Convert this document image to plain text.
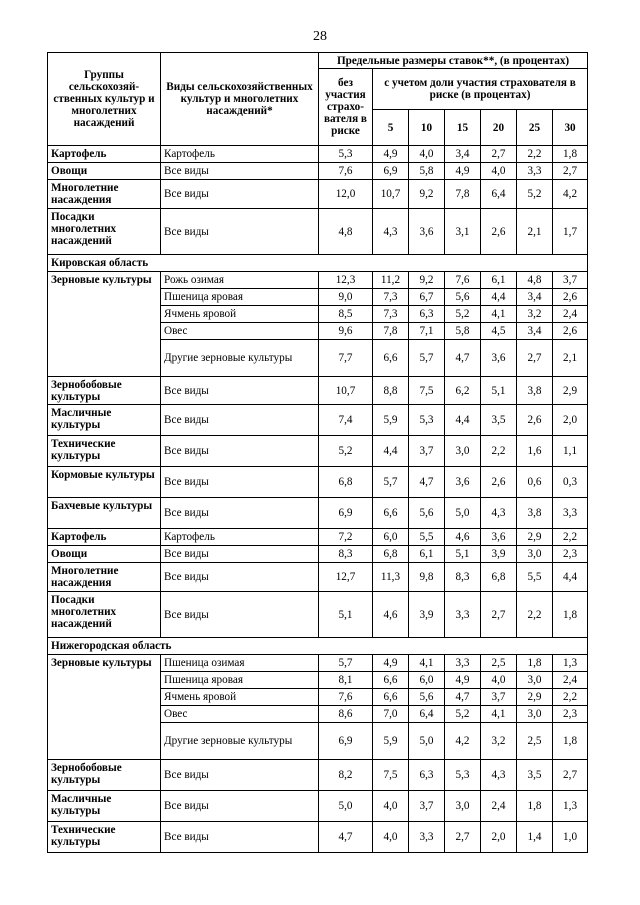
28
Группы сельскохозяй-ственных культур и многолетних насаждений	Виды сельскохозяйственных культур и многолетних насаждений*	Предельные размеры ставок**, (в процентах)						
		без участия страхо-вателя в риске	с учетом доли участия страхователя в риске (в процентах)					
			5	10	15	20	25	30
Картофель	Картофель	5,3	4,9	4,0	3,4	2,7	2,2	1,8
Овощи	Все виды	7,6	6,9	5,8	4,9	4,0	3,3	2,7
Многолетние насаждения	Все виды	12,0	10,7	9,2	7,8	6,4	5,2	4,2
Посадки многолетних насаждений	Все виды	4,8	4,3	3,6	3,1	2,6	2,1	1,7
Кировская область								
Зерновые культуры	Рожь озимая	12,3	11,2	9,2	7,6	6,1	4,8	3,7
	Пшеница яровая	9,0	7,3	6,7	5,6	4,4	3,4	2,6
	Ячмень яровой	8,5	7,3	6,3	5,2	4,1	3,2	2,4
	Овес	9,6	7,8	7,1	5,8	4,5	3,4	2,6
	Другие зерновые культуры	7,7	6,6	5,7	4,7	3,6	2,7	2,1
Зернобобовые культуры	Все виды	10,7	8,8	7,5	6,2	5,1	3,8	2,9
Масличные культуры	Все виды	7,4	5,9	5,3	4,4	3,5	2,6	2,0
Технические культуры	Все виды	5,2	4,4	3,7	3,0	2,2	1,6	1,1
Кормовые культуры	Все виды	6,8	5,7	4,7	3,6	2,6	0,6	0,3
Бахчевые культуры	Все виды	6,9	6,6	5,6	5,0	4,3	3,8	3,3
Картофель	Картофель	7,2	6,0	5,5	4,6	3,6	2,9	2,2
Овощи	Все виды	8,3	6,8	6,1	5,1	3,9	3,0	2,3
Многолетние насаждения	Все виды	12,7	11,3	9,8	8,3	6,8	5,5	4,4
Посадки многолетних насаждений	Все виды	5,1	4,6	3,9	3,3	2,7	2,2	1,8
Нижегородская область								
Зерновые культуры	Пшеница озимая	5,7	4,9	4,1	3,3	2,5	1,8	1,3
	Пшеница яровая	8,1	6,6	6,0	4,9	4,0	3,0	2,4
	Ячмень яровой	7,6	6,6	5,6	4,7	3,7	2,9	2,2
	Овес	8,6	7,0	6,4	5,2	4,1	3,0	2,3
	Другие зерновые культуры	6,9	5,9	5,0	4,2	3,2	2,5	1,8
Зернобобовые культуры	Все виды	8,2	7,5	6,3	5,3	4,3	3,5	2,7
Масличные культуры	Все виды	5,0	4,0	3,7	3,0	2,4	1,8	1,3
Технические культуры	Все виды	4,7	4,0	3,3	2,7	2,0	1,4	1,0
